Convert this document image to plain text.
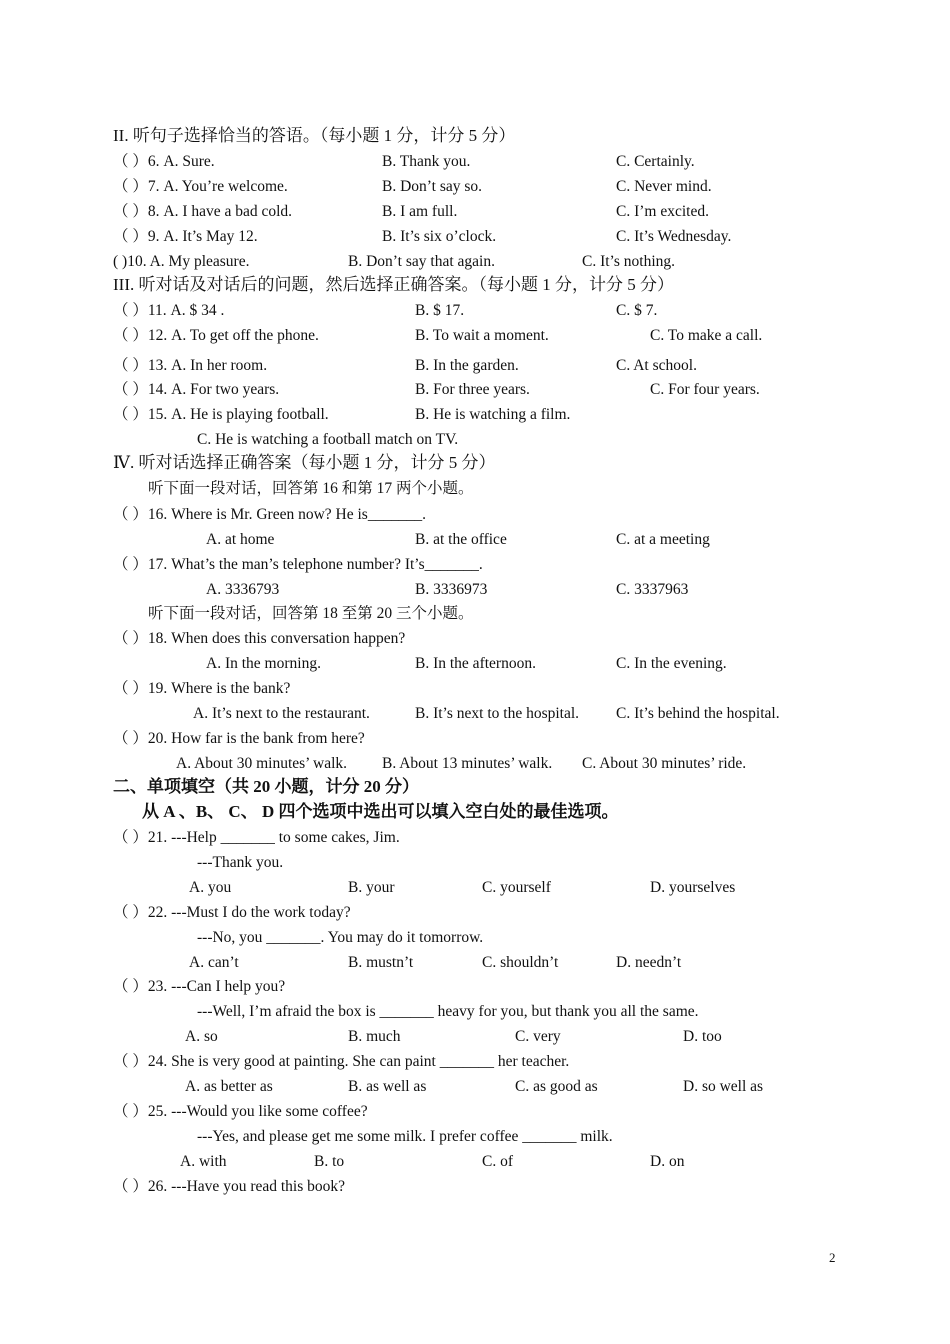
II. 听句子选择恰当的答语。（每小题 1 分，计分 5 分）
（ ）6. A. Sure.	B. Thank you.	C. Certainly.
（ ）7. A. You’re welcome.	B. Don’t say so.	C. Never mind.
（ ）8. A. I have a bad cold.	B. I am full.	C. I’m excited.
（ ）9. A. It’s May 12.	B. It’s six o’clock.	C. It’s Wednesday.
( )10. A. My pleasure.	B. Don’t say that again.	C. It’s nothing.
III. 听对话及对话后的问题，然后选择正确答案。（每小题 1 分，计分 5 分）
（ ）11. A. $ 34 .	B. $ 17.	C. $ 7.
（ ）12. A. To get off the phone.	B. To wait a moment.	C. To make a call.
（ ）13. A. In her room.	B. In the garden.	C. At school.
（ ）14. A. For two years.	B. For three years.	C. For four years.
（ ）15. A. He is playing football.	B. He is watching a film.
C. He is watching a football match on TV.
Ⅳ. 听对话选择正确答案（每小题 1 分，计分 5 分）
听下面一段对话，回答第 16 和第 17 两个小题。
（ ）16. Where is Mr. Green now? He is_______.
A. at home	B. at the office	C. at a meeting
（ ）17. What’s the man’s telephone number? It’s_______.
A. 3336793	B. 3336973	C. 3337963
听下面一段对话，回答第 18 至第 20 三个小题。
（ ）18. When does this conversation happen?
A. In the morning.	B. In the afternoon.	C. In the evening.
（ ）19. Where is the bank?
A. It’s next to the restaurant.	B. It’s next to the hospital. C. It’s behind the hospital.
（ ）20. How far is the bank from here?
A. About 30 minutes’ walk. B. About 13 minutes’ walk. C. About 30 minutes’ ride.
二、单项填空（共 20 小题，计分 20 分）
从 A 、B、 C、 D 四个选项中选出可以填入空白处的最佳选项。
（ ）21. ---Help _______ to some cakes, Jim.
---Thank you.
A. you	B. your	C. yourself	D. yourselves
（ ）22. ---Must I do the work today?
---No, you _______. You may do it tomorrow.
A. can’t	B. mustn’t	C. shouldn’t	D. needn’t
（ ）23. ---Can I help you?
---Well, I’m afraid the box is _______ heavy for you, but thank you all the same.
A. so	B. much	C. very	D. too
（ ）24. She is very good at painting. She can paint _______ her teacher.
A. as better as	B. as well as	C. as good as	D. so well as
（ ）25. ---Would you like some coffee?
---Yes, and please get me some milk. I prefer coffee _______ milk.
A. with	B. to	C. of	D. on
（ ）26. ---Have you read this book?
2
